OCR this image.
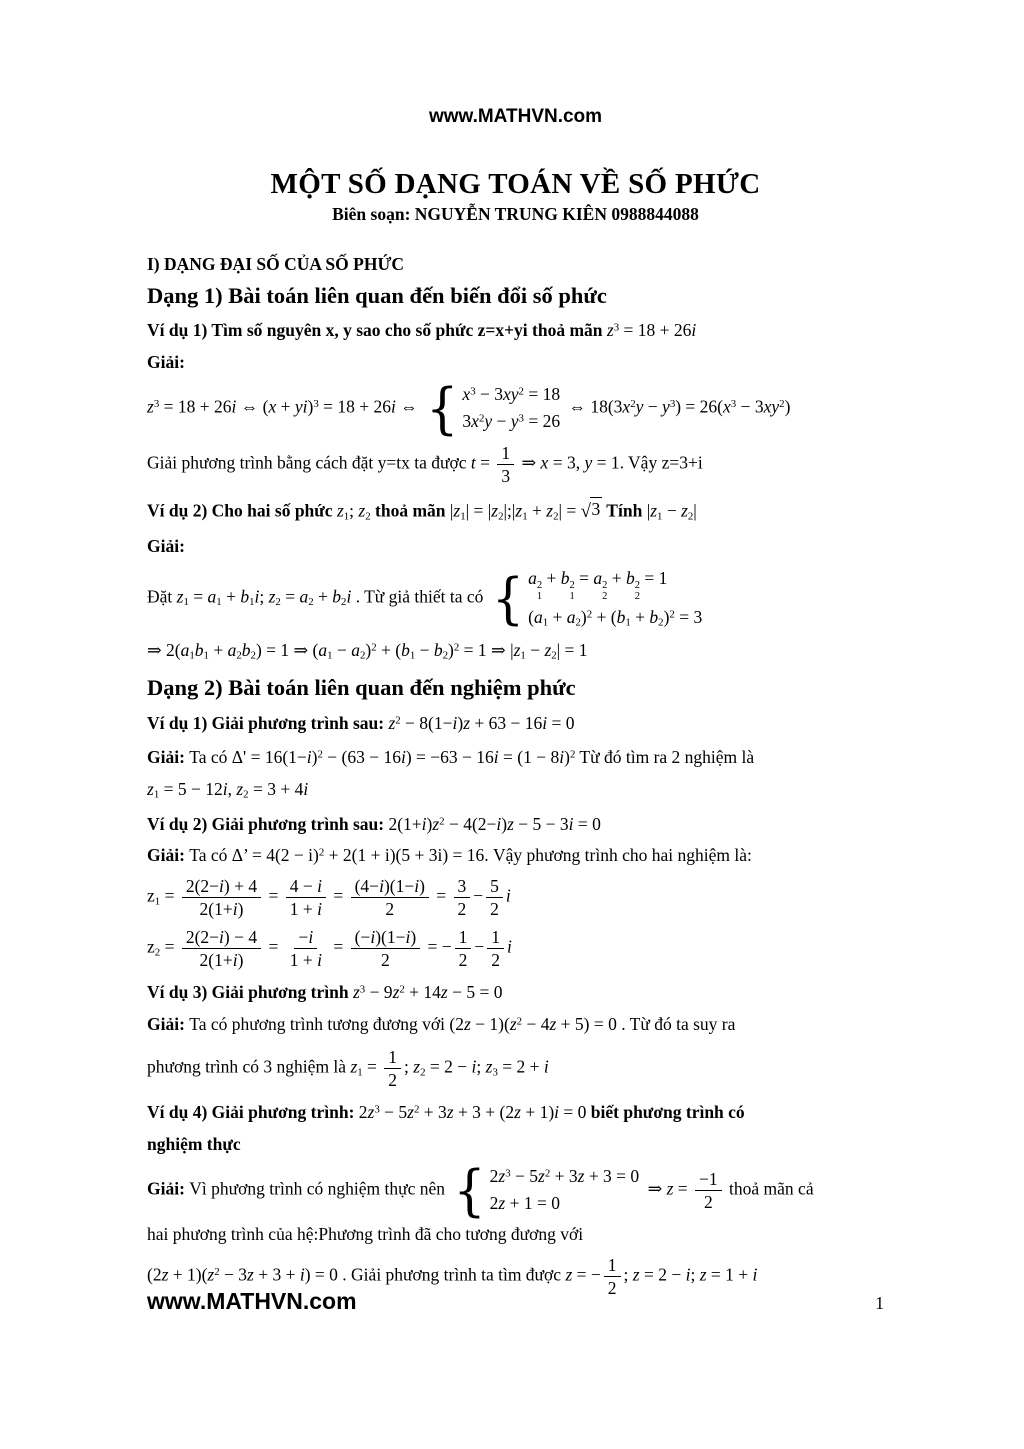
www.MATHVN.com
MỘT SỐ DẠNG TOÁN VỀ SỐ PHỨC
Biên soạn: NGUYỄN TRUNG KIÊN 0988844088
I) DẠNG ĐẠI SỐ CỦA SỐ PHỨC
Dạng 1) Bài toán liên quan đến biến đổi số phức
Ví dụ 1) Tìm số nguyên x, y sao cho số phức z=x+yi thoả mãn $z^3 = 18 + 26i$
Giải:
$z^3 = 18 + 26i$ ⇔ (x + yi)$^3$ = 18 + 26i ⇔ { $x^3 - 3xy^2 = 18$
$3x^2y - y^3 = 26$
⇔ $18(3x^2y - y^3) = 26(x^3 - 3xy^2)$
Giải phương trình bằng cách đặt y=tx ta được $t = \frac{1}{3}$ ⇒ x = 3, y = 1. Vậy z=3+i
Ví dụ 2) Cho hai số phức $z_1$; $z_2$ thoả mãn $|z_1|$ = $|z_2|;|z_1 + z_2|$ = √ 3 Tính $|z_1 - z_2|$
Giải:
Đặt $z_1 = a_1 + b_1i$; $z_2 = a_2 + b_2i$ . Từ giả thiết ta có { a 2
1
+ b 2
1
= a 2
2
+ b 2
2
= 1
$(a_1 + a_2)^2 + (b_1 + b_2)^2 = 3$
⇒ $2(a_1b_1 + a_2b_2) = 1$ ⇒ $(a_1 - a_2)^2 + (b_1 - b_2)^2 = 1$ ⇒ $|z_1 - z_2| = 1$
Dạng 2) Bài toán liên quan đến nghiệm phức
Ví dụ 1) Giải phương trình sau: $z^2 - 8(1-i)z + 63 - 16i = 0$
Giải: Ta có $\Delta' = 16(1-i)^2 - (63 - 16i) = -63 - 16i = (1 - 8i)^2$ Từ đó tìm ra 2 nghiệm là
$z_1 = 5 - 12i$, $z_2 = 3 + 4i$
Ví dụ 2) Giải phương trình sau: $2(1+i)z^2 - 4(2-i)z - 5 - 3i = 0$
Giải: Ta có Δ’ = $4(2 - i)^2 + 2(1 + i)(5 + 3i) = 16$. Vậy phương trình cho hai nghiệm là:
$z_1 = \frac{2(2-i) + 4}{2(1+i)} = \frac{4 - i}{1 + i} = \frac{(4-i)(1-i)}{2} = \frac{3}{2} - \frac{5}{2}$ i
$z_2 = \frac{2(2-i) - 4}{2(1+i)} = \frac{-i}{1 + i} = \frac{(-i)(1-i)}{2}$ = − $\frac{1}{2} - \frac{1}{2}$ i
Ví dụ 3) Giải phương trình $z^3 - 9z^2 + 14z - 5 = 0$
Giải: Ta có phương trình tương đương với $(2z - 1)(z^2 - 4z + 5) = 0$ . Từ đó ta suy ra
phương trình có 3 nghiệm là $z_1 = \frac{1}{2}$ ; $z_2 = 2 - i$; $z_3 = 2 + i$
Ví dụ 4) Giải phương trình: $2z^3 - 5z^2 + 3z + 3 + (2z + 1)i = 0$ biết phương trình có
nghiệm thực
Giải: Vì phương trình có nghiệm thực nên { $2z^3 - 5z^2 + 3z + 3 = 0$
2z + 1 = 0
⇒ $z = \frac{-1}{2}$ thoả mãn cả
hai phương trình của hệ:Phương trình đã cho tương đương với
$(2z + 1)(z^2 - 3z + 3 + i) = 0$ . Giải phương trình ta tìm được z = − $\frac{1}{2}$ ; z = 2 − i; z = 1 + i
www.MATHVN.com	1
